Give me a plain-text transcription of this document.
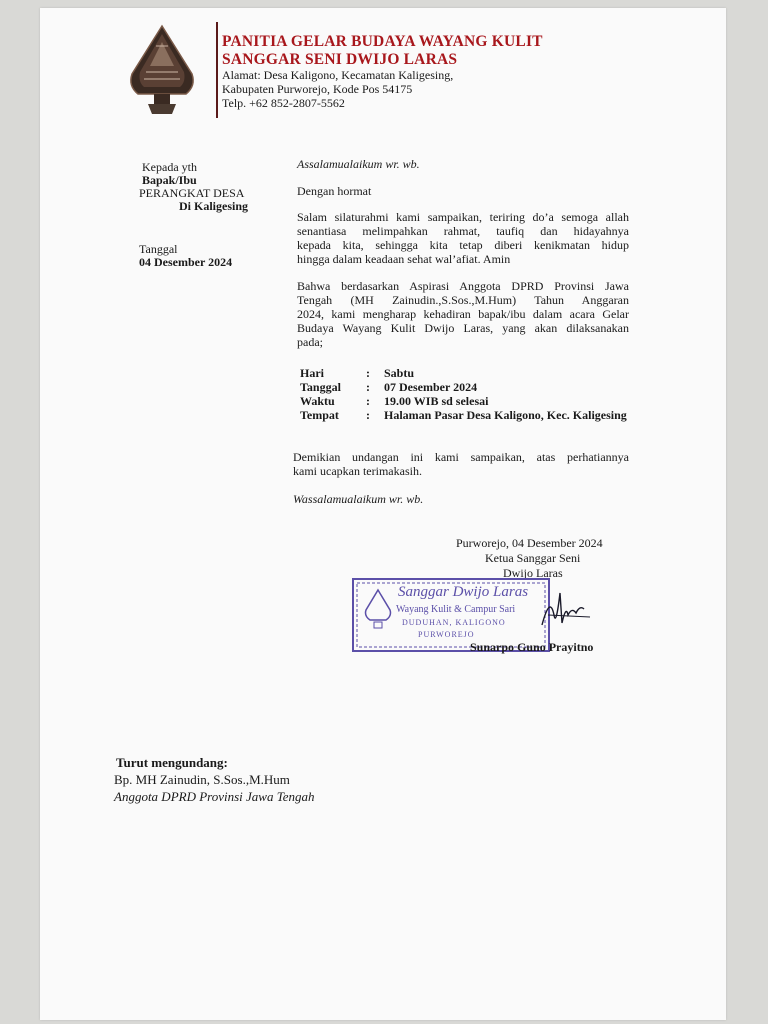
PANITIA GELAR BUDAYA WAYANG KULIT
SANGGAR SENI DWIJO LARAS
Alamat: Desa Kaligono, Kecamatan Kaligesing,
Kabupaten Purworejo, Kode Pos 54175
Telp. +62 852-2807-5562
Kepada yth
Bapak/Ibu
PERANGKAT DESA
Di Kaligesing
Tanggal
04 Desember 2024
Assalamualaikum wr. wb.
Dengan hormat
Salam silaturahmi kami sampaikan, teriring do’a semoga allah
senantiasa melimpahkan rahmat, taufiq dan hidayahnya
kepada kita, sehingga kita tetap diberi kenikmatan hidup
hingga dalam keadaan sehat wal’afiat. Amin
Bahwa berdasarkan Aspirasi Anggota DPRD Provinsi Jawa
Tengah (MH Zainudin.,S.Sos.,M.Hum) Tahun Anggaran
2024, kami mengharap kehadiran bapak/ibu dalam acara Gelar
Budaya Wayang Kulit Dwijo Laras, yang akan dilaksanakan
pada;
Hari	:	Sabtu
Tanggal	:	07 Desember 2024
Waktu	:	19.00 WIB sd selesai
Tempat	:	Halaman Pasar Desa Kaligono, Kec. Kaligesing
Demikian undangan ini kami sampaikan, atas perhatiannya
kami ucapkan terimakasih.
Wassalamualaikum wr. wb.
Purworejo, 04 Desember 2024
Ketua Sanggar Seni
Dwijo Laras
Sanggar Dwijo Laras
Wayang Kulit & Campur Sari
DUDUHAN, KALIGONO
PURWOREJO
Sunarpo Guno Prayitno
Turut mengundang:
Bp. MH Zainudin, S.Sos.,M.Hum
Anggota DPRD Provinsi Jawa Tengah
